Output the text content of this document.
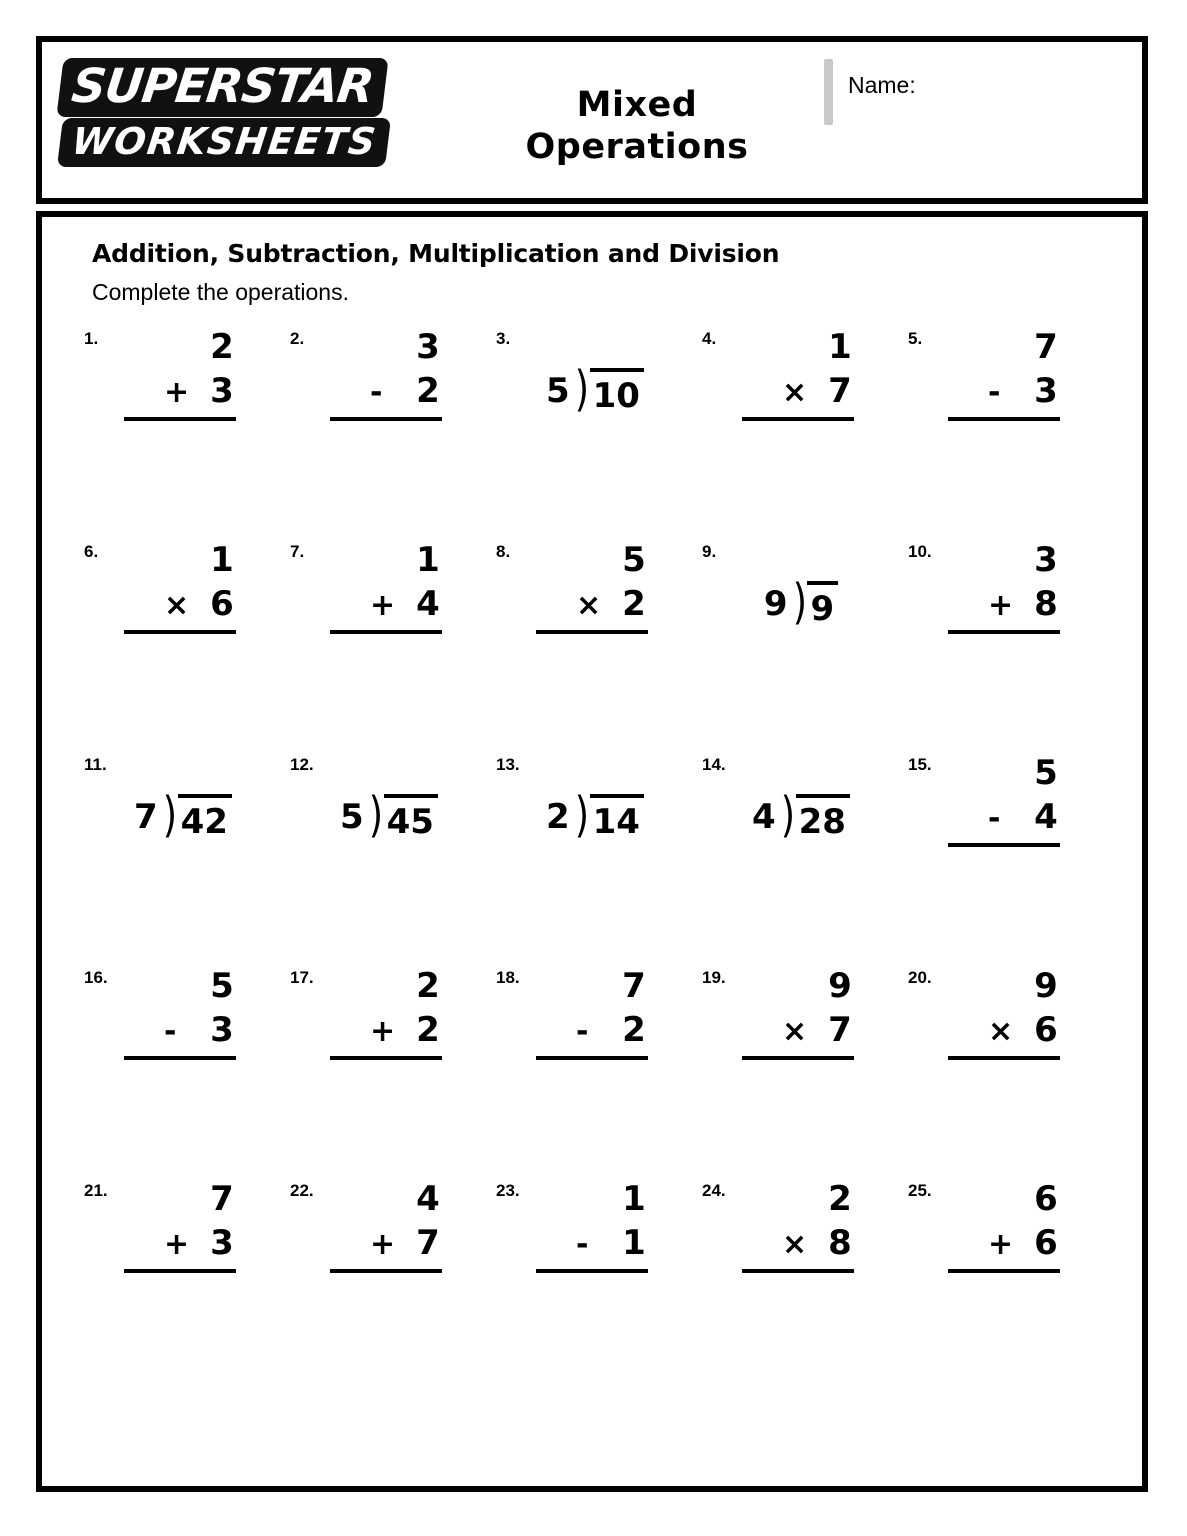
SUPERSTAR WORKSHEETS
Mixed
Operations
Name:
Addition, Subtraction, Multiplication and Division
Complete the operations.
1.	2
+ 3
2.	3
- 2
3.
5 ) 10
4.	1
× 7
5.	7
- 3
6.	1
× 6
7.	1
+ 4
8.	5
× 2
9.
9 ) 9
10.	3
+ 8
11.
7 ) 42
12.
5 ) 45
13.
2 ) 14
14.
4 ) 28
15.	5
- 4
16.	5
- 3
17.	2
+ 2
18.	7
- 2
19.	9
× 7
20.	9
× 6
21.	7
+ 3
22.	4
+ 7
23.	1
- 1
24.	2
× 8
25.	6
+ 6
